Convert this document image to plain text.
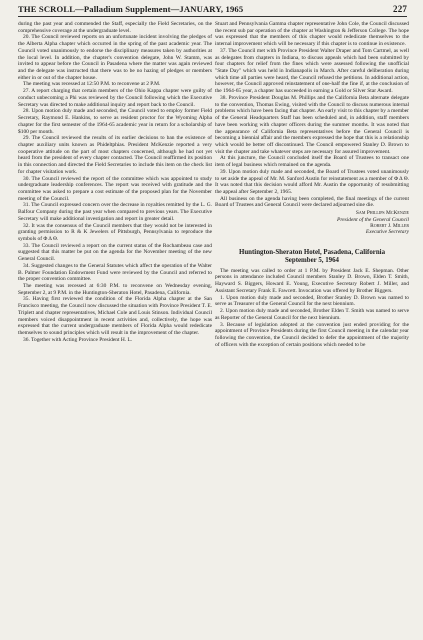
THE SCROLL—Palladium Supplement—JANUARY, 1965	227

during the past year and commended the Staff, especially the Field Secretaries, on the comprehensive coverage at the undergraduate level.

20. The Council reviewed reports on an unfortunate incident involving the pledges of the Alberta Alpha chapter which occurred in the spring of the past academic year. The Council voted unanimously to endorse the disciplinary measures taken by authorities at the local level. In addition, the chapter's convention delegate, John W. Stamm, was invited to appear before the Council in Pasadena where the matter was again reviewed and the delegate was instructed that there was to be no hazing of pledges or members either in or out of the chapter house.

The meeting was recessed at 12:50 P.M. to reconvene at 2 P.M.

27. A report charging that certain members of the Ohio Kappa chapter were guilty of conduct unbecoming a Phi was reviewed by the Council following which the Executive Secretary was directed to make additional inquiry and report back to the Council.

28. Upon motion duly made and seconded, the Council voted to employ former Field Secretary, Raymond E. Hankins, to serve as resident proctor for the Wyoming Alpha chapter for the first semester of the 1964-65 academic year in return for a scholarship of $100 per month.

29. The Council reviewed the results of its earlier decisions to ban the existence of chapter auxiliary units known as Phideltphias. President McKenzie reported a very cooperative attitude on the part of most chapters concerned, although he had not yet heard from the president of every chapter contacted. The Council reaffirmed its position in this connection and directed the Field Secretaries to include this item on the check list for chapter visitation work.

30. The Council reviewed the report of the committee which was appointed to study undergraduate leadership conferences. The report was received with gratitude and the committee was asked to prepare a cost estimate of the proposed plan for the November meeting of the Council.

31. The Council expressed concern over the decrease in royalties remitted by the L. G. Balfour Company during the past year when compared to previous years. The Executive Secretary will make additional investigation and report in greater detail.

32. It was the consensus of the Council members that they would not be interested in granting permission to R & K Jewelers of Pittsburgh, Pennsylvania to reproduce the symbols of Φ Δ Θ.

33. The Council reviewed a report on the current status of the Rochambeau case and suggested that this matter be put on the agenda for the November meeting of the new General Council.

34. Suggested changes to the General Statutes which affect the operation of the Walter B. Palmer Foundation Endowment Fund were reviewed by the Council and referred to the proper convention committee.

The meeting was recessed at 6:30 P.M. to reconvene on Wednesday evening, September 2, at 9 P.M. in the Huntington-Sheraton Hotel, Pasadena, California.

35. Having first reviewed the condition of the Florida Alpha chapter at the San Francisco meeting, the Council now discussed the situation with Province President T. E. Triplett and chapter representatives, Michael Cole and Louis Stinson. Individual Council members voiced disappointment in recent activities and, collectively, the hope was expressed that the current undergraduate members of Florida Alpha would rededicate themselves to sound principles which will result in the improvement of the chapter.

36. Together with Acting Province President H. L.

Stuart and Pennsylvania Gamma chapter representative John Cole, the Council discussed the recent sub par operation of the chapter at Washington & Jefferson College. The hope was expressed that the members of this chapter would rededicate themselves to the internal improvement which will be necessary if this chapter is to continue in existence.

37. The Council met with Province President Walter Draper and Tom Cartmel, as well as delegates from chapters in Indiana, to discuss appeals which had been submitted by four chapters for relief from the fines which were assessed following the unofficial "State Day" which was held in Indianapolis in March. After careful deliberation during which time all parties were heard, the Council refused the petitions. In additional action, however, the Council approved reinstatement of one-half the fine if, at the conclusion of the 1964-65 year, a chapter has succeeded in earning a Gold or Silver Star Award.

38. Province President Douglas M. Phillips and the California Beta alternate delegate to the convention, Thomas Ewing, visited with the Council to discuss numerous internal problems which have been facing that chapter. An early visit to this chapter by a member of the General Headquarters Staff has been scheduled and, in addition, staff members have been working with chapter officers during the summer months. It was noted that the appearance of California Beta representatives before the General Council is becoming a biennial affair and the members expressed the hope that this is a relationship which would be better off discontinued. The Council empowered Stanley D. Brown to visit the chapter and take whatever steps are necessary for assured improvement.

At this juncture, the Council concluded itself the Board of Trustees to transact one item of legal business which remained on the agenda.

39. Upon motion duly made and seconded, the Board of Trustees voted unanimously to set aside the appeal of Mr. M. Sanford Austin for reinstatement as a member of Φ Δ Θ. It was noted that this decision would afford Mr. Austin the opportunity of resubmitting the appeal after September 2, 1965.

All business on the agenda having been completed, the final meetings of the current Board of Trustees and General Council were declared adjourned sine die.

Sam Phillips McKenzie
President of the General Council
Robert J. Miller
Executive Secretary
Huntington-Sheraton Hotel, Pasadena, California
September 5, 1964

The meeting was called to order at 1 P.M. by President Jack E. Shepman. Other persons in attendance included Council members Stanley D. Brown, Elden T. Smith, Hayward S. Biggers, Howard E. Young, Executive Secretary Robert J. Miller, and Assistant Secretary Frank E. Fawcett. Invocation was offered by Brother Biggers.

1. Upon motion duly made and seconded, Brother Stanley D. Brown was named to serve as Treasurer of the General Council for the next biennium.

2. Upon motion duly made and seconded, Brother Elden T. Smith was named to serve as Reporter of the General Council for the next biennium.

3. Because of legislation adopted at the convention just ended providing for the appointment of Province Presidents during the first Council meeting in the calendar year following the convention, the Council decided to defer the appointment of the majority of officers with the exception of certain positions which needed to be
